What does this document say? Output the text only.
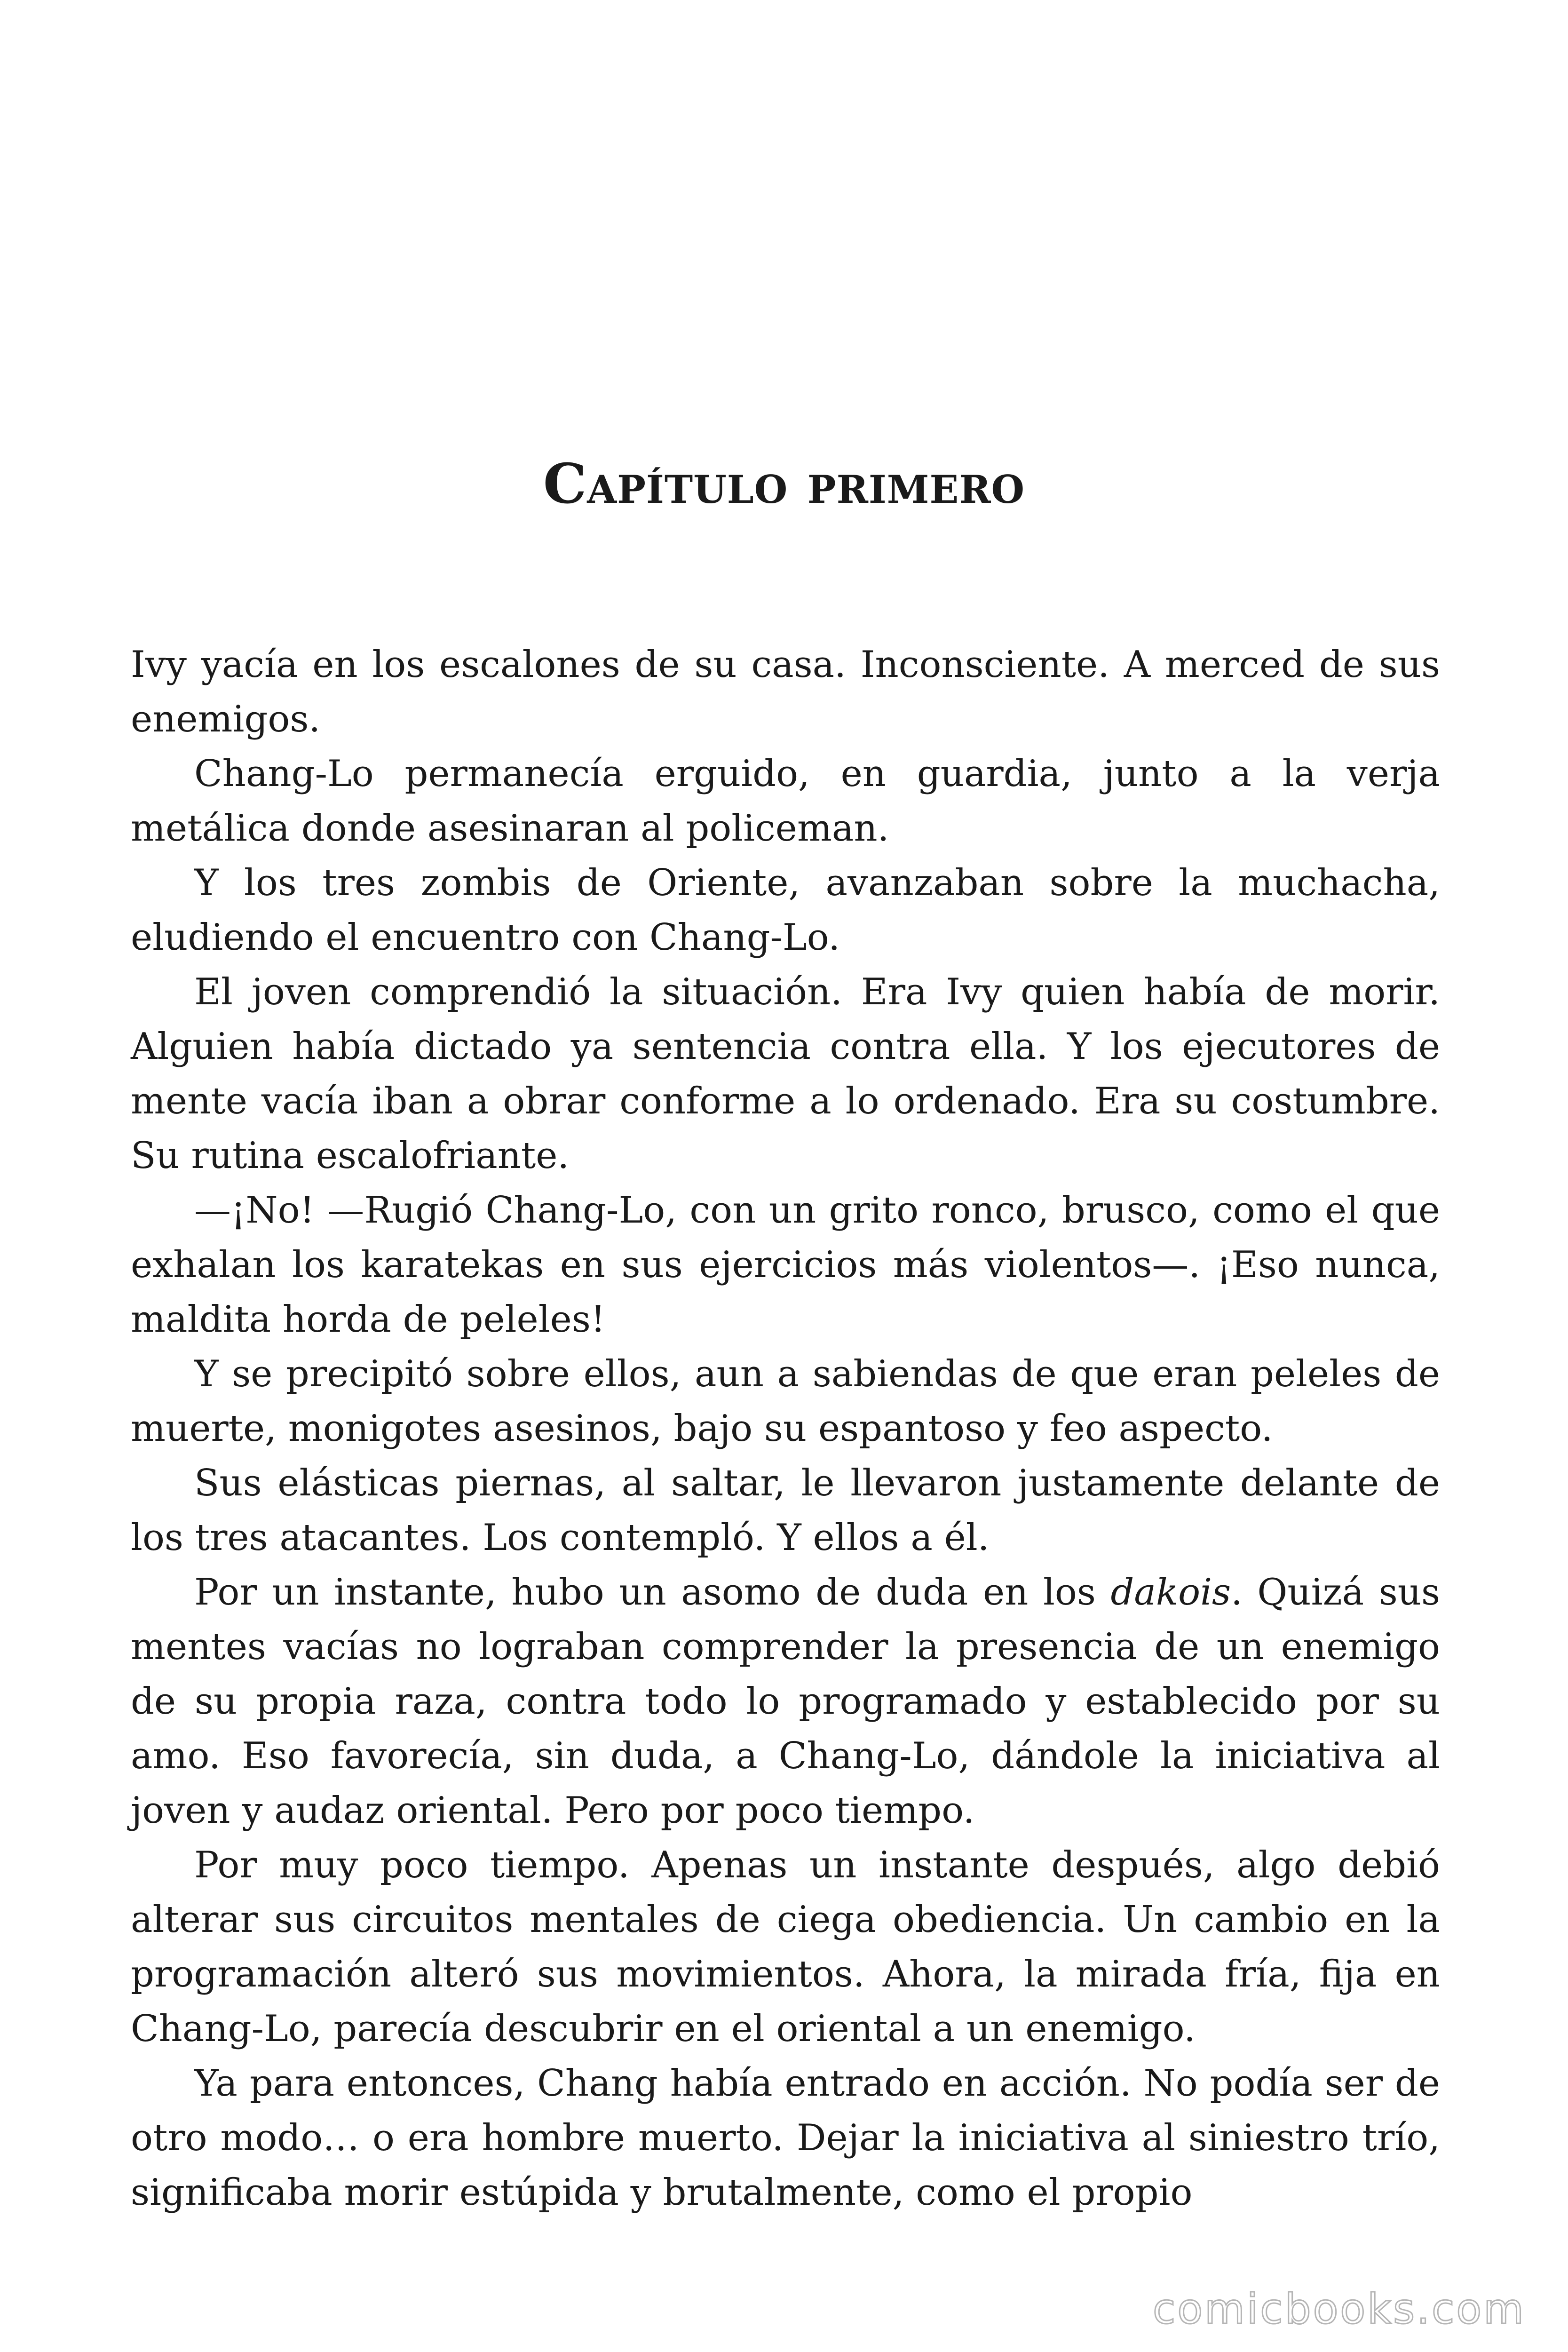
Capítulo primero

Ivy yacía en los escalones de su casa. Inconsciente. A merced de sus enemigos.

Chang-Lo permanecía erguido, en guardia, junto a la verja metálica donde asesinaran al policeman.

Y los tres zombis de Oriente, avanzaban sobre la muchacha, eludiendo el encuentro con Chang-Lo.

El joven comprendió la situación. Era Ivy quien había de morir. Alguien había dictado ya sentencia contra ella. Y los ejecutores de mente vacía iban a obrar conforme a lo ordenado. Era su costumbre. Su rutina escalofriante.

—¡No! —Rugió Chang-Lo, con un grito ronco, brusco, como el que exhalan los karatekas en sus ejercicios más violentos—. ¡Eso nunca, maldita horda de peleles!

Y se precipitó sobre ellos, aun a sabiendas de que eran peleles de muerte, monigotes asesinos, bajo su espantoso y feo aspecto.

Sus elásticas piernas, al saltar, le llevaron justamente delante de los tres atacantes. Los contempló. Y ellos a él.

Por un instante, hubo un asomo de duda en los dakois. Quizá sus mentes vacías no lograban comprender la presencia de un enemigo de su propia raza, contra todo lo programado y establecido por su amo. Eso favorecía, sin duda, a Chang-Lo, dándole la iniciativa al joven y audaz oriental. Pero por poco tiempo.

Por muy poco tiempo. Apenas un instante después, algo debió alterar sus circuitos mentales de ciega obediencia. Un cambio en la programación alteró sus movimientos. Ahora, la mirada fría, fija en Chang-Lo, parecía descubrir en el oriental a un enemigo.

Ya para entonces, Chang había entrado en acción. No podía ser de otro modo… o era hombre muerto. Dejar la iniciativa al siniestro trío, significaba morir estúpida y brutalmente, como el propio

comicbooks.com
